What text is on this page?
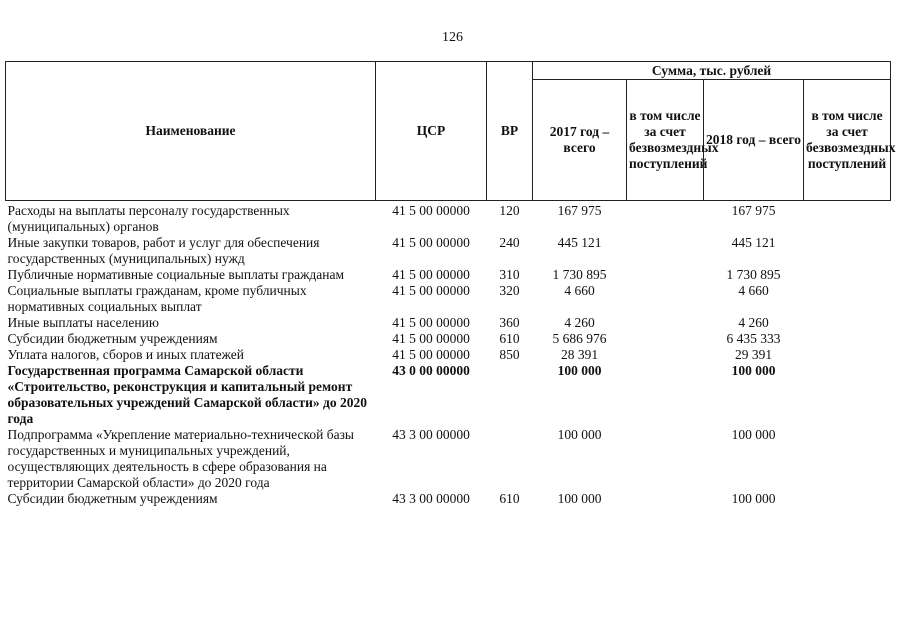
126
Наименование	ЦСР	ВР	Сумма, тыс. рублей			
			2017 год – всего	в том числе за счет безвозмездных поступлений	2018 год – всего	в том числе за счет безвозмездных поступлений
Расходы на выплаты персоналу государственных (муниципальных) органов	41 5 00 00000	120	167 975		167 975	
Иные закупки товаров, работ и услуг для обеспечения государственных (муниципальных) нужд	41 5 00 00000	240	445 121		445 121	
Публичные нормативные социальные выплаты гражданам	41 5 00 00000	310	1 730 895		1 730 895	
Социальные выплаты гражданам, кроме публичных нормативных социальных выплат	41 5 00 00000	320	4 660		4 660	
Иные выплаты населению	41 5 00 00000	360	4 260		4 260	
Субсидии бюджетным учреждениям	41 5 00 00000	610	5 686 976		6 435 333	
Уплата налогов, сборов и иных платежей	41 5 00 00000	850	28 391		29 391	
Государственная программа Самарской области «Строительство, реконструкция и капитальный ремонт образовательных учреждений Самарской области» до 2020 года	43 0 00 00000		100 000		100 000	
Подпрограмма «Укрепление материально-технической базы государственных и муниципальных учреждений, осуществляющих деятельность в сфере образования на территории Самарской области» до 2020 года	43 3 00 00000		100 000		100 000	
Субсидии бюджетным учреждениям	43 3 00 00000	610	100 000		100 000	
